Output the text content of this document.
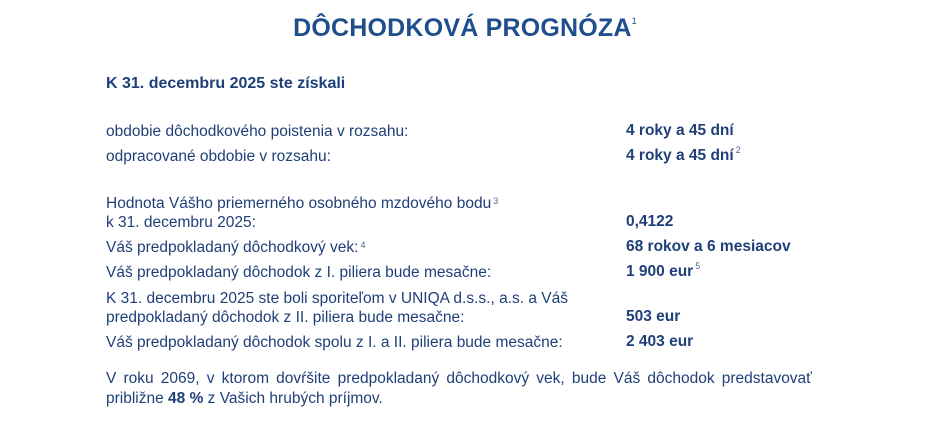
DÔCHODKOVÁ PROGNÓZA$^1$
K 31. decembru 2025 ste získali
obdobie dôchodkového poistenia v rozsahu:	4 roky a 45 dní
odpracované obdobie v rozsahu:	4 roky a 45 dní $^2$
Hodnota Vášho priemerného osobného mzdového bodu $^3$
k 31. decembru 2025:	0,4122
Váš predpokladaný dôchodkový vek: $^4$	68 rokov a 6 mesiacov
Váš predpokladaný dôchodok z I. piliera bude mesačne:	1 900 eur $^5$
K 31. decembru 2025 ste boli sporiteľom v UNIQA d.s.s., a.s. a Váš
predpokladaný dôchodok z II. piliera bude mesačne:	503 eur
Váš predpokladaný dôchodok spolu z I. a II. piliera bude mesačne:	2 403 eur
V roku 2069, v ktorom dovŕšite predpokladaný dôchodkový vek, bude Váš dôchodok predstavovať približne 48 % z Vašich hrubých príjmov.
